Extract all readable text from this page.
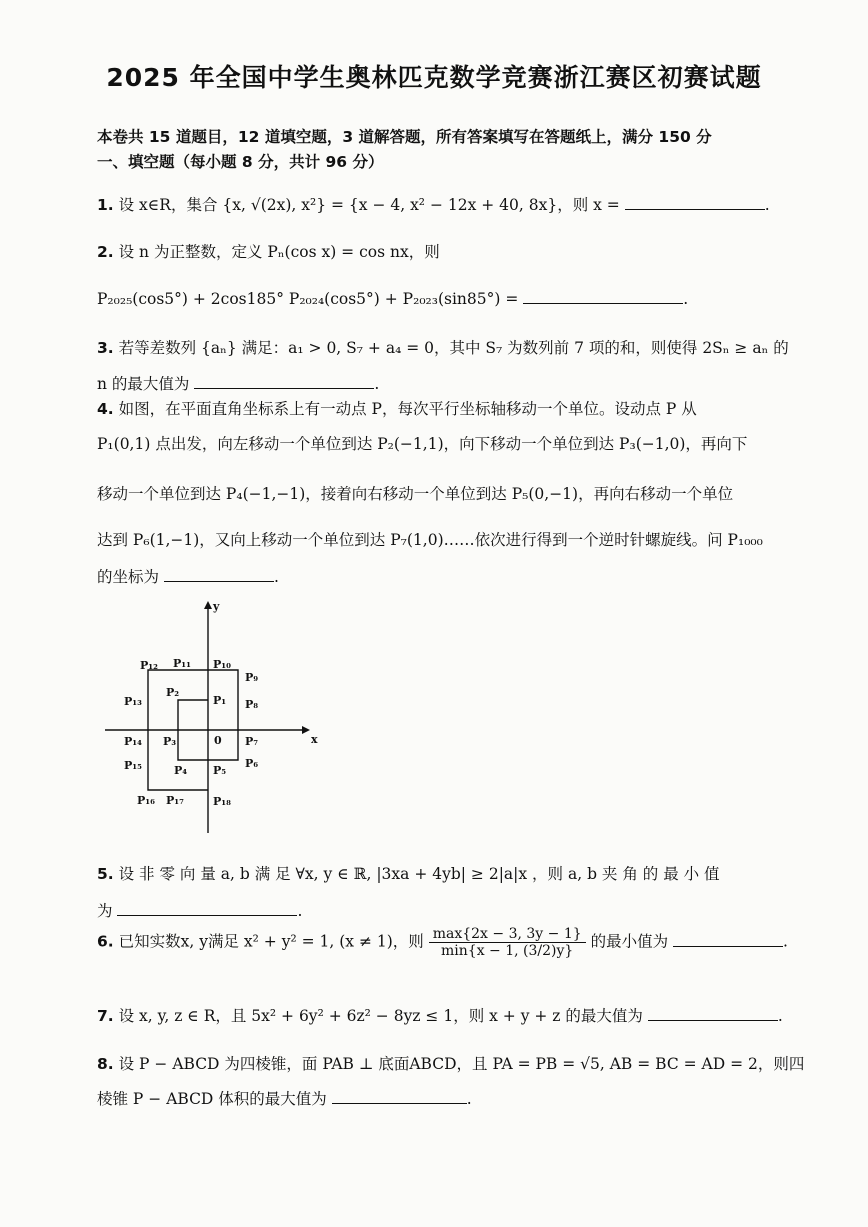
2025 年全国中学生奥林匹克数学竞赛浙江赛区初赛试题
本卷共 15 道题目，12 道填空题，3 道解答题，所有答案填写在答题纸上，满分 150 分
一、填空题（每小题 8 分，共计 96 分）
1. 设 x∈R，集合 {x, √(2x), x²} = {x − 4, x² − 12x + 40, 8x}，则 x =	.
2. 设 n 为正整数，定义 Pₙ(cos x) = cos nx，则
P₂₀₂₅(cos5°) + 2cos185° P₂₀₂₄(cos5°) + P₂₀₂₃(sin85°) =	.
3. 若等差数列 {aₙ} 满足：a₁ > 0, S₇ + a₄ = 0，其中 S₇ 为数列前 7 项的和，则使得 2Sₙ ≥ aₙ 的
n 的最大值为	.
4. 如图，在平面直角坐标系上有一动点 P，每次平行坐标轴移动一个单位。设动点 P 从
P₁(0,1) 点出发，向左移动一个单位到达 P₂(−1,1)，向下移动一个单位到达 P₃(−1,0)，再向下
移动一个单位到达 P₄(−1,−1)，接着向右移动一个单位到达 P₅(0,−1)，再向右移动一个单位
达到 P₆(1,−1)，又向上移动一个单位到达 P₇(1,0)……依次进行得到一个逆时针螺旋线。问 P₁₀₀₀
的坐标为	.
x
y
0
P₁
P₂
P₃
P₄ P₅
P₆
P₇
P₈
P₉
P₁₀
P₁₁
P₁₂
P₁₃
P₁₄
P₁₅
P₁₆ P₁₇	P₁₈
5. 设 非 零 向 量 a, b 满 足 ∀x, y ∈ ℝ, |3xa + 4yb| ≥ 2|a|x ，则 a, b 夹 角 的 最 小 值
为	.
6. 已知实数x, y满足 x² + y² = 1, (x ≠ 1)，则 $\frac{\max\{2x - 3, 3y - 1\}}{\min\{x - 1, (3/2)y\}}$ 的最小值为	.
7. 设 x, y, z ∈ R，且 5x² + 6y² + 6z² − 8yz ≤ 1，则 x + y + z 的最大值为	.
8. 设 P − ABCD 为四棱锥，面 PAB ⊥ 底面ABCD，且 PA = PB = √5, AB = BC = AD = 2，则四
棱锥 P − ABCD 体积的最大值为	.
